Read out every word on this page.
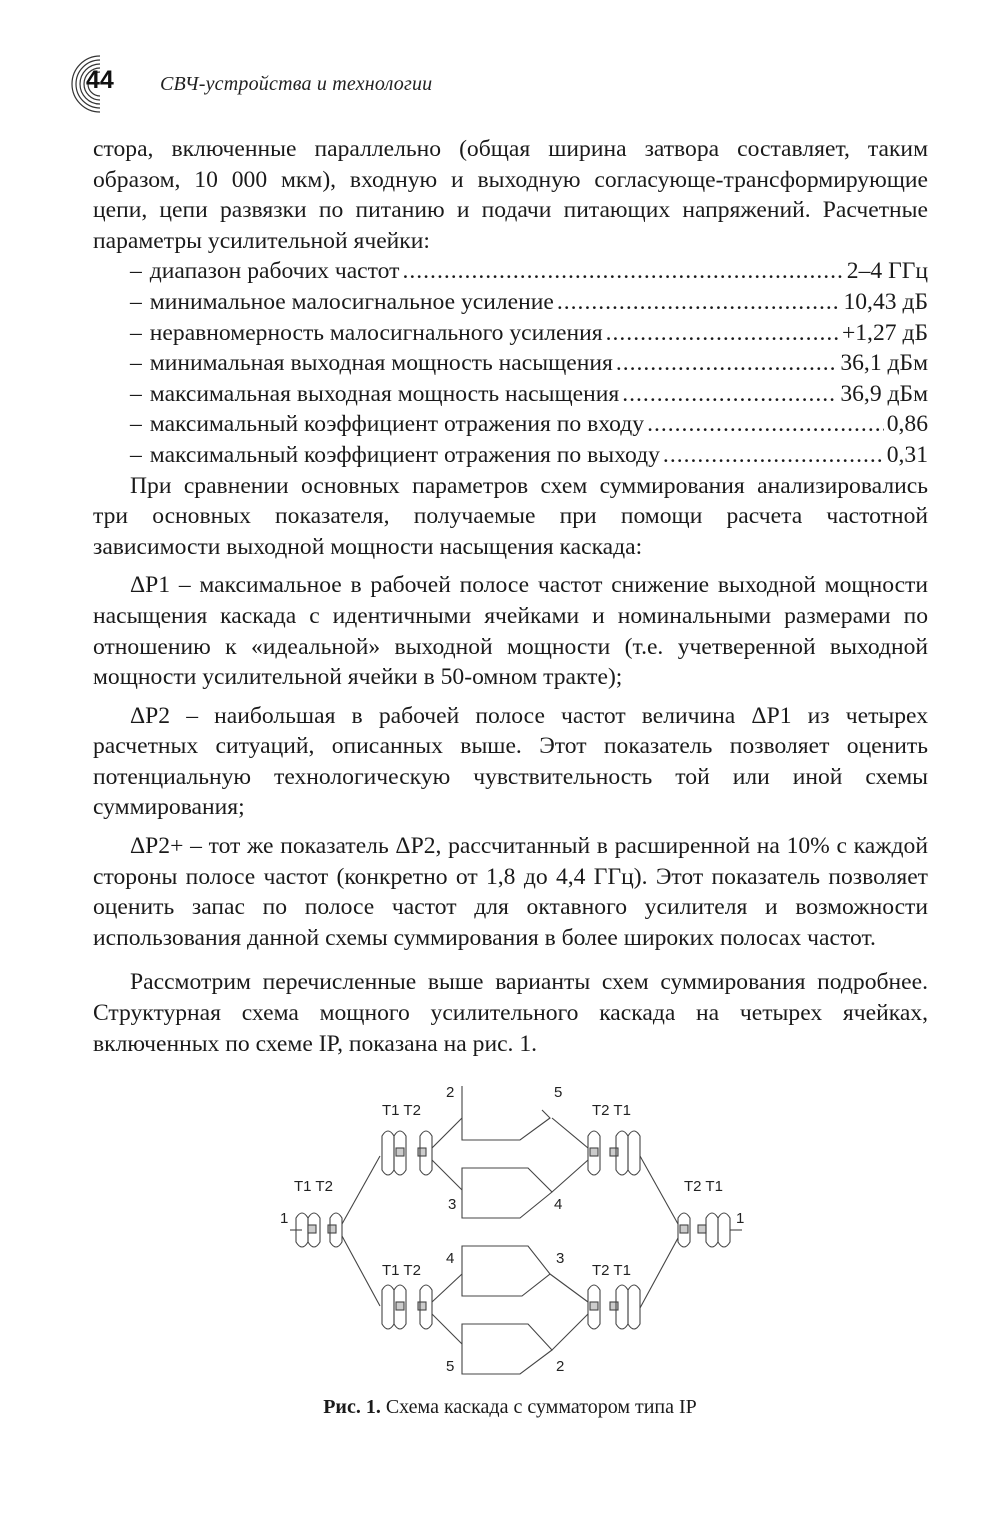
44 СВЧ-устройства и технологии

стора, включенные параллельно (общая ширина затвора составляет, таким образом, 10 000 мкм), входную и выходную согласующе-трансформирующие цепи, цепи развязки по питанию и подачи питающих напряжений. Расчетные параметры усилительной ячейки:

– диапазон рабочих частот .....	2–4 ГГц
– минимальное малосигнальное усиление .....	10,43 дБ
– неравномерность малосигнального усиления .....	+1,27 дБ
– минимальная выходная мощность насыщения .....	36,1 дБм
– максимальная выходная мощность насыщения .....	36,9 дБм
– максимальный коэффициент отражения по входу .....	0,86
– максимальный коэффициент отражения по выходу .....	0,31

При сравнении основных параметров схем суммирования анализировались три основных показателя, получаемые при помощи расчета частотной зависимости выходной мощности насыщения каскада:

ΔP1 – максимальное в рабочей полосе частот снижение выходной мощности насыщения каскада с идентичными ячейками и номинальными размерами по отношению к «идеальной» выходной мощности (т.е. учетверенной выходной мощности усилительной ячейки в 50-омном тракте);

ΔP2 – наибольшая в рабочей полосе частот величина ΔP1 из четырех расчетных ситуаций, описанных выше. Этот показатель позволяет оценить потенциальную технологическую чувствительность той или иной схемы суммирования;

ΔP2+ – тот же показатель ΔP2, рассчитанный в расширенной на 10% с каждой стороны полосе частот (конкретно от 1,8 до 4,4 ГГц). Этот показатель позволяет оценить запас по полосе частот для октавного усилителя и возможности использования данной схемы суммирования в более широких полосах частот.

Рассмотрим перечисленные выше варианты схем суммирования подробнее. Структурная схема мощного усилительного каскада на четырех ячейках, включенных по схеме IP, показана на рис. 1.

T1 T2
T1 T2
T1 T2
T2 T1
T2 T1
T2 T1
1	1
2
3
5
4
4
5
3
2
Рис. 1. Схема каскада с сумматором типа IP
